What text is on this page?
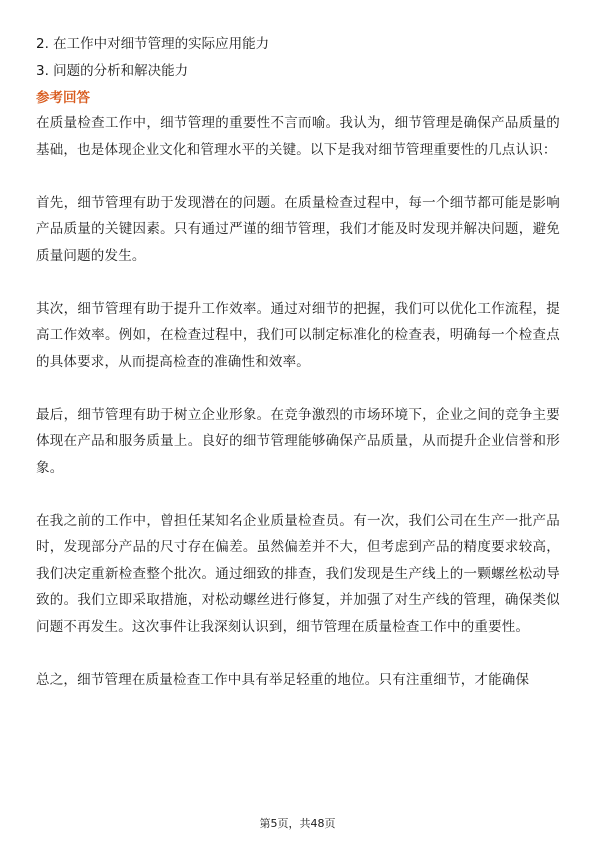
2. 在工作中对细节管理的实际应用能力

3. 问题的分析和解决能力

参考回答

在质量检查工作中，细节管理的重要性不言而喻。我认为，细节管理是确保产品质量的基础，也是体现企业文化和管理水平的关键。以下是我对细节管理重要性的几点认识：

首先，细节管理有助于发现潜在的问题。在质量检查过程中，每一个细节都可能是影响产品质量的关键因素。只有通过严谨的细节管理，我们才能及时发现并解决问题，避免质量问题的发生。

其次，细节管理有助于提升工作效率。通过对细节的把握，我们可以优化工作流程，提高工作效率。例如，在检查过程中，我们可以制定标准化的检查表，明确每一个检查点的具体要求，从而提高检查的准确性和效率。

最后，细节管理有助于树立企业形象。在竞争激烈的市场环境下，企业之间的竞争主要体现在产品和服务质量上。良好的细节管理能够确保产品质量，从而提升企业信誉和形象。

在我之前的工作中，曾担任某知名企业质量检查员。有一次，我们公司在生产一批产品时，发现部分产品的尺寸存在偏差。虽然偏差并不大，但考虑到产品的精度要求较高，我们决定重新检查整个批次。通过细致的排查，我们发现是生产线上的一颗螺丝松动导致的。我们立即采取措施，对松动螺丝进行修复，并加强了对生产线的管理，确保类似问题不再发生。这次事件让我深刻认识到，细节管理在质量检查工作中的重要性。

总之，细节管理在质量检查工作中具有举足轻重的地位。只有注重细节，才能确保

第5页，共48页
